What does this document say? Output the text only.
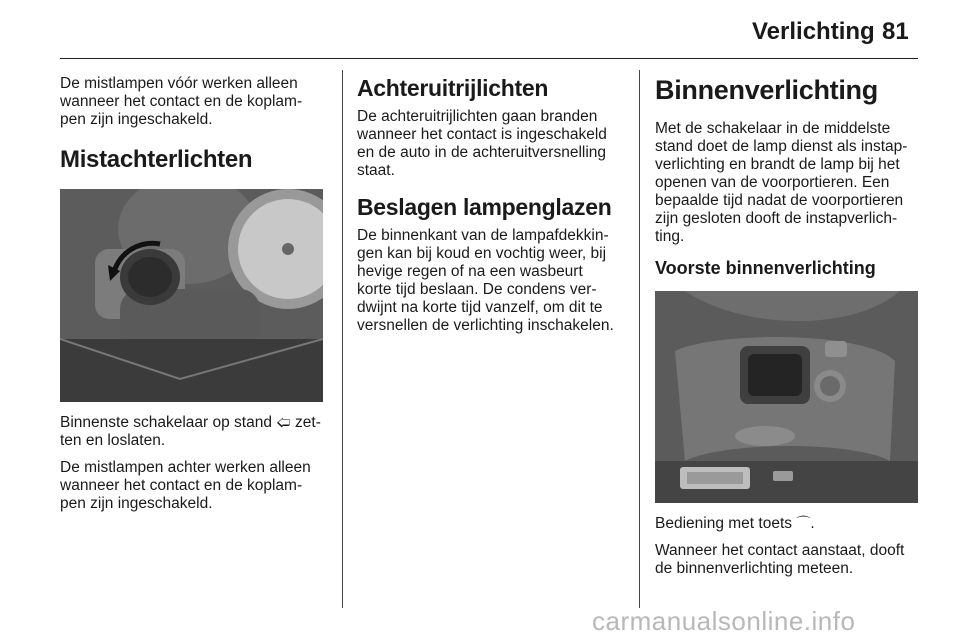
Verlichting 81

De mistlampen vóór werken alleen
wanneer het contact en de koplam-
pen zijn ingeschakeld.

Mistachterlichten

Binnenste schakelaar op stand 🢠 zet-
ten en loslaten.

De mistlampen achter werken alleen
wanneer het contact en de koplam-
pen zijn ingeschakeld.

Achteruitrijlichten

De achteruitrijlichten gaan branden
wanneer het contact is ingeschakeld
en de auto in de achteruitversnelling
staat.

Beslagen lampenglazen

De binnenkant van de lampafdekkin-
gen kan bij koud en vochtig weer, bij
hevige regen of na een wasbeurt
korte tijd beslaan. De condens ver-
dwijnt na korte tijd vanzelf, om dit te
versnellen de verlichting inschakelen.

Binnenverlichting

Met de schakelaar in de middelste
stand doet de lamp dienst als instap-
verlichting en brandt de lamp bij het
openen van de voorportieren. Een
bepaalde tijd nadat de voorportieren
zijn gesloten dooft de instapverlich-
ting.

Voorste binnenverlichting

Bediening met toets ⌒.

Wanneer het contact aanstaat, dooft
de binnenverlichting meteen.

carmanualsonline.info
